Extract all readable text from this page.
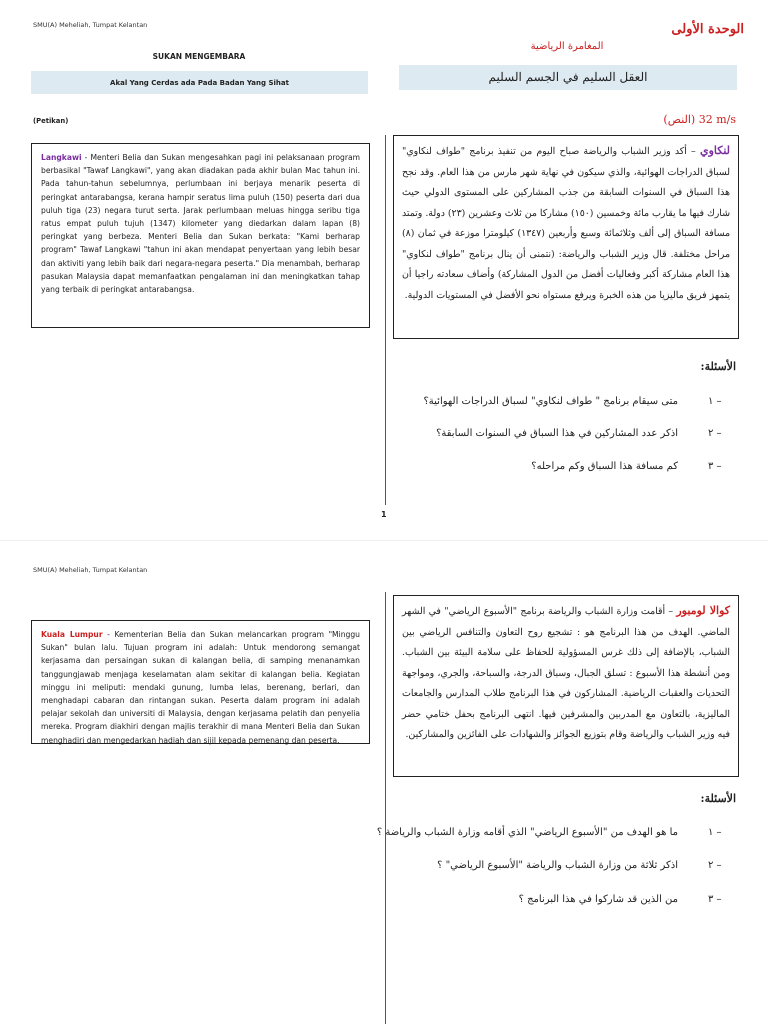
SMU(A) Meheliah, Tumpat Kelantan	الوحدة الأولى
SUKAN MENGEMBARA
المغامرة الرياضية
Akal Yang Cerdas ada Pada Badan Yang Sihat	العقل السليم في الجسم السليم
(Petikan)	(النص) 32 m/s
Langkawi - Menteri Belia dan Sukan mengesahkan pagi ini pelaksanaan program berbasikal "Tawaf Langkawi", yang akan diadakan pada akhir bulan Mac tahun ini. Pada tahun-tahun sebelumnya, perlumbaan ini berjaya menarik peserta di peringkat antarabangsa, kerana hampir seratus lima puluh (150) peserta dari dua puluh tiga (23) negara turut serta. Jarak perlumbaan meluas hingga seribu tiga ratus empat puluh tujuh (1347) kilometer yang diedarkan dalam lapan (8) peringkat yang berbeza. Menteri Belia dan Sukan berkata: "Kami berharap program" Tawaf Langkawi "tahun ini akan mendapat penyertaan yang lebih besar dan aktiviti yang lebih baik dari negara-negara peserta." Dia menambah, berharap pasukan Malaysia dapat memanfaatkan pengalaman ini dan meningkatkan tahap yang terbaik di peringkat antarabangsa.
لنكاوي – أكد وزير الشباب والرياضة صباح اليوم من تنفيذ برنامج "طواف لنكاوي" لسباق الدراجات الهوائية، والذي سيكون في نهاية شهر مارس من هذا العام. وقد نجح هذا السباق في السنوات السابقة من جذب المشاركين على المستوى الدولي حيث شارك فيها ما يقارب مائة وخمسين (١٥٠) مشاركا من ثلاث وعشرين (٢٣) دولة. وتمتد مسافة السباق إلى ألف وثلاثمائة وسبع وأربعين (١٣٤٧) كيلومترا موزعة في ثمان (٨) مراحل مختلفة. قال وزير الشباب والرياضة: (نتمنى أن ينال برنامج "طواف لنكاوي" هذا العام مشاركة أكبر وفعاليات أفضل من الدول المشاركة) وأضاف سعادته راجيا أن يتمهز فريق ماليزيا من هذه الخبرة ويرفع مستواه نحو الأفضل في المستويات الدولية.
الأسئلة:
١ –
متى سيقام برنامج " طواف لنكاوي" لسباق الدراجات الهوائية؟
٢ –
اذكر عدد المشاركين في هذا السباق في السنوات السابقة؟
٣ –
كم مسافة هذا السباق وكم مراحله؟
1
SMU(A) Meheliah, Tumpat Kelantan
Kuala Lumpur - Kementerian Belia dan Sukan melancarkan program "Minggu Sukan" bulan lalu. Tujuan program ini adalah: Untuk mendorong semangat kerjasama dan persaingan sukan di kalangan belia, di samping menanamkan tanggungjawab menjaga keselamatan alam sekitar di kalangan belia. Kegiatan minggu ini meliputi: mendaki gunung, lumba lelas, berenang, berlari, dan menghadapi cabaran dan rintangan sukan. Peserta dalam program ini adalah pelajar sekolah dan universiti di Malaysia, dengan kerjasama pelatih dan penyelia mereka. Program diakhiri dengan majlis terakhir di mana Menteri Belia dan Sukan menghadiri dan mengedarkan hadiah dan sijil kepada pemenang dan peserta.
كوالا لومبور – أقامت وزارة الشباب والرياضة برنامج "الأسبوع الرياضي" في الشهر الماضي. الهدف من هذا البرنامج هو : تشجيع روح التعاون والتنافس الرياضي بين الشباب، بالإضافة إلى ذلك غرس المسؤولية للحفاظ على سلامة البيئة بين الشباب. ومن أنشطة هذا الأسبوع : تسلق الجبال، وسباق الدرجة، والسباحة، والجري، ومواجهة التحديات والعقبات الرياضية. المشاركون في هذا البرنامج طلاب المدارس والجامعات الماليزية، بالتعاون مع المدربين والمشرفين فيها. انتهى البرنامج بحفل ختامي حضر فيه وزير الشباب والرياضة وقام بتوزيع الجوائز والشهادات على الفائزين والمشاركين.
الأسئلة:
١ –
ما هو الهدف من "الأسبوع الرياضي" الذي أقامه وزارة الشباب والرياضة ؟
٢ –
اذكر ثلاثة من وزارة الشباب والرياضة "الأسبوع الرياضي" ؟
٣ –
من الذين قد شاركوا في هذا البرنامج ؟
